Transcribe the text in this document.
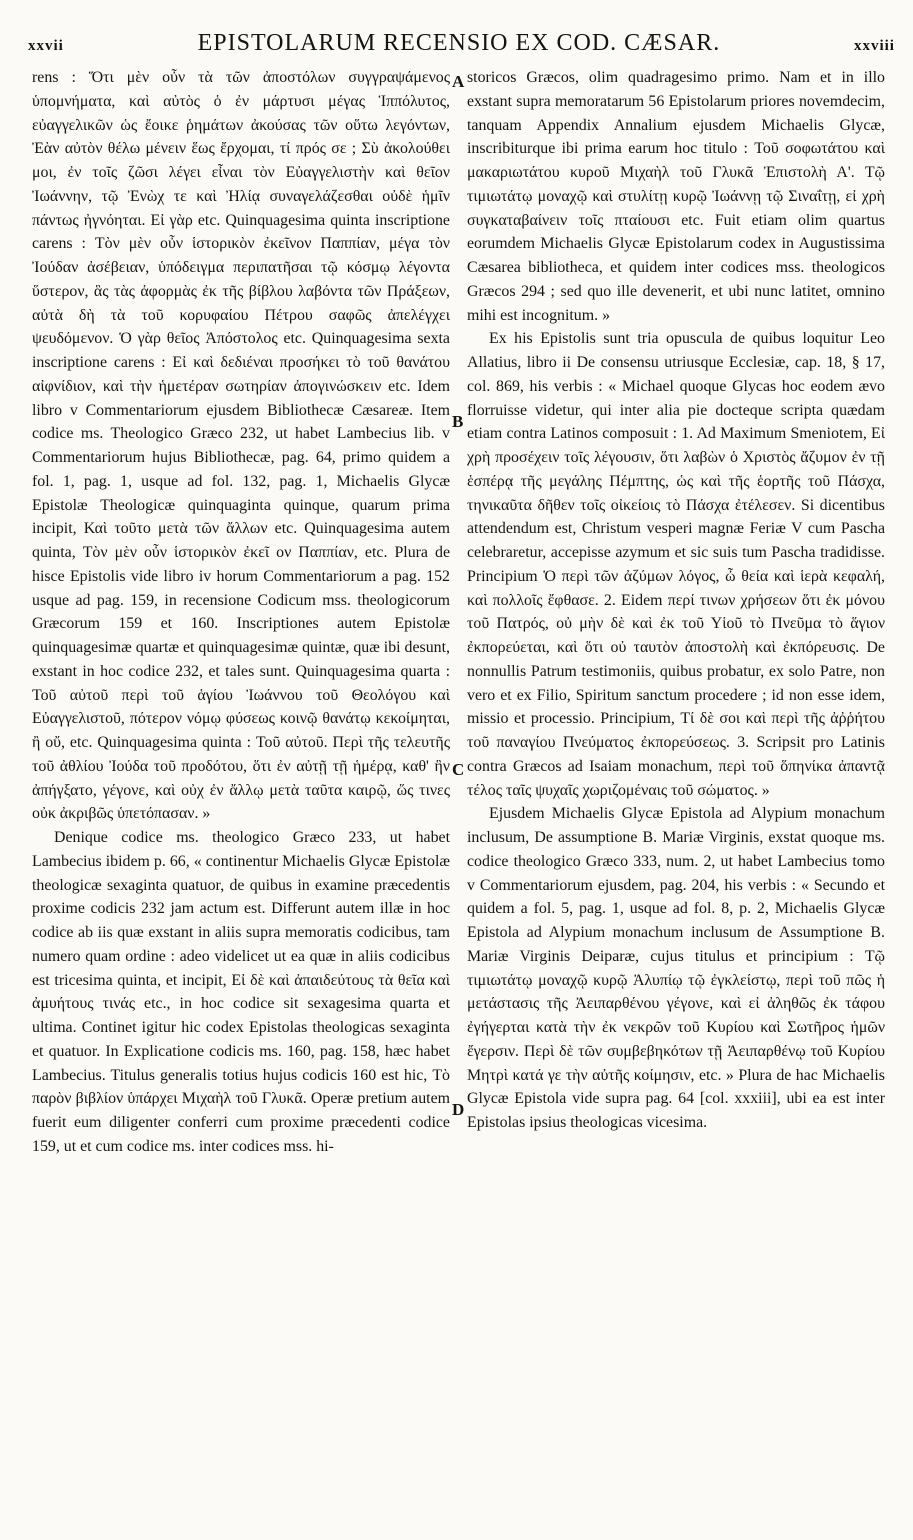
xxvii	EPISTOLARUM RECENSIO EX COD. CÆSAR.	xxviii

rens : Ὅτι μὲν οὖν τὰ τῶν ἀποστόλων συγγραψάμενος ὑπομνήματα, καὶ αὐτὸς ὁ ἐν μάρτυσι μέγας Ἱππόλυτος, εὐαγγελικῶν ὡς ἔοικε ῥημάτων ἀκούσας τῶν οὕτω λεγόντων, Ἐὰν αὐτὸν θέλω μένειν ἕως ἔρχομαι, τί πρός σε ; Σὺ ἀκολούθει μοι, ἐν τοῖς ζῶσι λέγει εἶναι τὸν Εὐαγγελιστὴν καὶ θεῖον Ἰωάννην, τῷ Ἐνὼχ τε καὶ Ἠλίᾳ συναγελάζεσθαι οὐδὲ ἡμῖν πάντως ἠγνόηται. Εἰ γὰρ etc. Quinquagesima quinta inscriptione carens : Τὸν μὲν οὖν ἱστορικὸν ἐκεῖνον Παππίαν, μέγα τὸν Ἰούδαν ἀσέβειαν, ὑπόδειγμα περιπατῆσαι τῷ κόσμῳ λέγοντα ὕστερον, ἃς τὰς ἀφορμὰς ἐκ τῆς βίβλου λαβόντα τῶν Πράξεων, αὐτὰ δὴ τὰ τοῦ κορυφαίου Πέτρου σαφῶς ἀπελέγχει ψευδόμενον. Ὁ γὰρ θεῖος Ἀπόστολος etc. Quinquagesima sexta inscriptione carens : Εἰ καὶ δεδιέναι προσήκει τὸ τοῦ θανάτου αἰφνίδιον, καὶ τὴν ἡμετέραν σωτηρίαν ἀπογινώσκειν etc. Idem libro v Commentariorum ejusdem Bibliothecæ Cæsareæ. Item codice ms. Theologico Græco 232, ut habet Lambecius lib. v Commentariorum hujus Bibliothecæ, pag. 64, primo quidem a fol. 1, pag. 1, usque ad fol. 132, pag. 1, Michaelis Glycæ Epistolæ Theologicæ quinquaginta quinque, quarum prima incipit, Καὶ τοῦτο μετὰ τῶν ἄλλων etc. Quinquagesima autem quinta, Τὸν μὲν οὖν ἱστορικὸν ἐκεῖ ον Παππίαν, etc. Plura de hisce Epistolis vide libro iv horum Commentariorum a pag. 152 usque ad pag. 159, in recensione Codicum mss. theologicorum Græcorum 159 et 160. Inscriptiones autem Epistolæ quinquagesimæ quartæ et quinquagesimæ quintæ, quæ ibi desunt, exstant in hoc codice 232, et tales sunt. Quinquagesima quarta : Τοῦ αὐτοῦ περὶ τοῦ ἁγίου Ἰωάννου τοῦ Θεολόγου καὶ Εὐαγγελιστοῦ, πότερον νόμῳ φύσεως κοινῷ θανάτῳ κεκοίμηται, ἢ οὔ, etc. Quinquagesima quinta : Τοῦ αὐτοῦ. Περὶ τῆς τελευτῆς τοῦ ἀθλίου Ἰούδα τοῦ προδότου, ὅτι ἐν αὐτῇ τῇ ἡμέρᾳ, καθ' ἣν ἀπήγξατο, γέγονε, καὶ οὐχ ἐν ἄλλῳ μετὰ ταῦτα καιρῷ, ὥς τινες οὐκ ἀκριβῶς ὑπετόπασαν. »

Denique codice ms. theologico Græco 233, ut habet Lambecius ibidem p. 66, « continentur Michaelis Glycæ Epistolæ theologicæ sexaginta quatuor, de quibus in examine præcedentis proxime codicis 232 jam actum est. Differunt autem illæ in hoc codice ab iis quæ exstant in aliis supra memoratis codicibus, tam numero quam ordine : adeo videlicet ut ea quæ in aliis codicibus est tricesima quinta, et incipit, Εἰ δὲ καὶ ἀπαιδεύτους τὰ θεῖα καὶ ἀμυήτους τινάς etc., in hoc codice sit sexagesima quarta et ultima. Continet igitur hic codex Epistolas theologicas sexaginta et quatuor. In Explicatione codicis ms. 160, pag. 158, hæc habet Lambecius. Titulus generalis totius hujus codicis 160 est hic, Τὸ παρὸν βιβλίον ὑπάρχει Μιχαὴλ τοῦ Γλυκᾶ. Operæ pretium autem fuerit eum diligenter conferri cum proxime præcedenti codice 159, ut et cum codice ms. inter codices mss. hi-

A
B
C
D

storicos Græcos, olim quadragesimo primo. Nam et in illo exstant supra memoratarum 56 Epistolarum priores novemdecim, tanquam Appendix Annalium ejusdem Michaelis Glycæ, inscribiturque ibi prima earum hoc titulo : Τοῦ σοφωτάτου καὶ μακαριωτάτου κυροῦ Μιχαὴλ τοῦ Γλυκᾶ Ἐπιστολὴ Α'. Τῷ τιμιωτάτῳ μοναχῷ καὶ στυλίτῃ κυρῷ Ἰωάννῃ τῷ Σιναΐτῃ, εἰ χρὴ συγκαταβαίνειν τοῖς πταίουσι etc. Fuit etiam olim quartus eorumdem Michaelis Glycæ Epistolarum codex in Augustissima Cæsarea bibliotheca, et quidem inter codices mss. theologicos Græcos 294 ; sed quo ille devenerit, et ubi nunc latitet, omnino mihi est incognitum. »

Ex his Epistolis sunt tria opuscula de quibus loquitur Leo Allatius, libro ii De consensu utriusque Ecclesiæ, cap. 18, § 17, col. 869, his verbis : « Michael quoque Glycas hoc eodem ævo florruisse videtur, qui inter alia pie docteque scripta quædam etiam contra Latinos composuit : 1. Ad Maximum Smeniotem, Εἰ χρὴ προσέχειν τοῖς λέγουσιν, ὅτι λαβὼν ὁ Χριστὸς ἄζυμον ἐν τῇ ἑσπέρᾳ τῆς μεγάλης Πέμπτης, ὡς καὶ τῆς ἑορτῆς τοῦ Πάσχα, τηνικαῦτα δῆθεν τοῖς οἰκείοις τὸ Πάσχα ἐτέλεσεν. Si dicentibus attendendum est, Christum vesperi magnæ Feriæ V cum Pascha celebraretur, accepisse azymum et sic suis tum Pascha tradidisse. Principium Ὁ περὶ τῶν ἀζύμων λόγος, ὦ θεία καὶ ἱερὰ κεφαλή, καὶ πολλοῖς ἔφθασε. 2. Eidem περί τινων χρήσεων ὅτι ἐκ μόνου τοῦ Πατρός, οὐ μὴν δὲ καὶ ἐκ τοῦ Υἱοῦ τὸ Πνεῦμα τὸ ἅγιον ἐκπορεύεται, καὶ ὅτι οὐ ταυτὸν ἀποστολὴ καὶ ἐκπόρευσις. De nonnullis Patrum testimoniis, quibus probatur, ex solo Patre, non vero et ex Filio, Spiritum sanctum procedere ; id non esse idem, missio et processio. Principium, Τί δὲ σοι καὶ περὶ τῆς ἀῤῥήτου τοῦ παναγίου Πνεύματος ἐκπορεύσεως. 3. Scripsit pro Latinis contra Græcos ad Isaiam monachum, περὶ τοῦ ὅπηνίκα ἀπαντᾷ τέλος ταῖς ψυχαῖς χωριζομέναις τοῦ σώματος. »

Ejusdem Michaelis Glycæ Epistola ad Alypium monachum inclusum, De assumptione B. Mariæ Virginis, exstat quoque ms. codice theologico Græco 333, num. 2, ut habet Lambecius tomo v Commentariorum ejusdem, pag. 204, his verbis : « Secundo et quidem a fol. 5, pag. 1, usque ad fol. 8, p. 2, Michaelis Glycæ Epistola ad Alypium monachum inclusum de Assumptione B. Mariæ Virginis Deiparæ, cujus titulus et principium : Τῷ τιμιωτάτῳ μοναχῷ κυρῷ Ἀλυπίῳ τῷ ἐγκλείστῳ, περὶ τοῦ πῶς ἡ μετάστασις τῆς Ἀειπαρθένου γέγονε, καὶ εἰ ἀληθῶς ἐκ τάφου ἐγήγερται κατὰ τὴν ἐκ νεκρῶν τοῦ Κυρίου καὶ Σωτῆρος ἡμῶν ἔγερσιν. Περὶ δὲ τῶν συμβεβηκότων τῇ Ἀειπαρθένῳ τοῦ Κυρίου Μητρὶ κατά γε τὴν αὐτῆς κοίμησιν, etc. » Plura de hac Michaelis Glycæ Epistola vide supra pag. 64 [col. xxxiii], ubi ea est inter Epistolas ipsius theologicas vicesima.
